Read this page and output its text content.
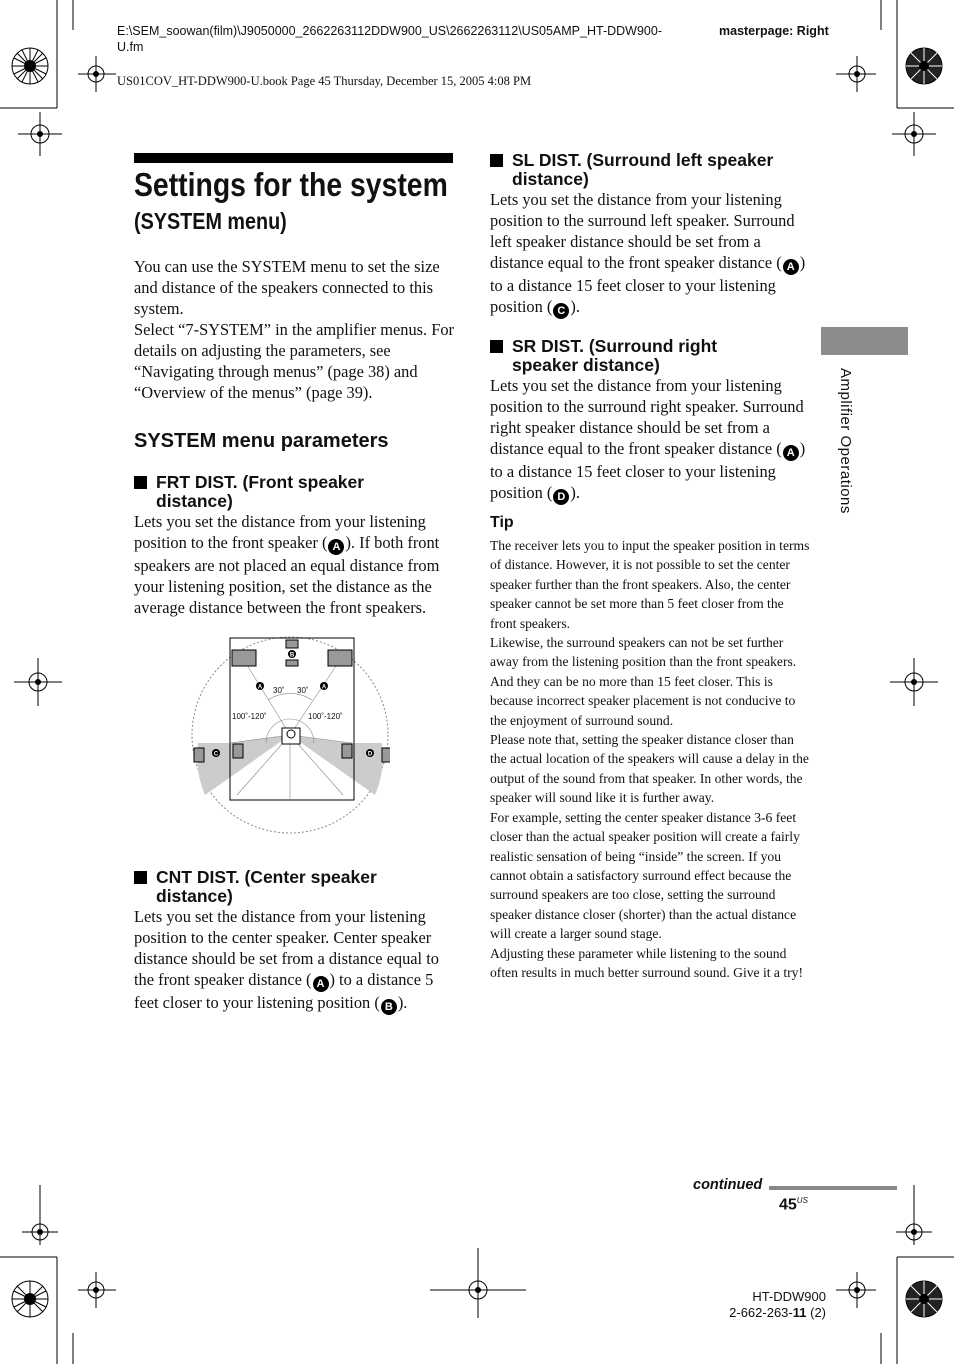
E:\SEM_soowan(film)\J9050000_2662263112DDW900_US\2662263112\US05AMP_HT-DDW900-U.fm
masterpage: Right
US01COV_HT-DDW900-U.book Page 45 Thursday, December 15, 2005 4:08 PM
Settings for the system
(SYSTEM menu)
You can use the SYSTEM menu to set the size and distance of the speakers connected to this system.
Select “7-SYSTEM” in the amplifier menus. For details on adjusting the parameters, see “Navigating through menus” (page 38) and “Overview of the menus” (page 39).
SYSTEM menu parameters
FRT DIST. (Front speaker
distance)
Lets you set the distance from your listening position to the front speaker ( A ). If both front speakers are not placed an equal distance from your listening position, set the distance as the average distance between the front speakers.
B
C	D
A	A
30˚ 30˚
100˚-120˚	100˚-120˚
CNT DIST. (Center speaker
distance)
Lets you set the distance from your listening position to the center speaker. Center speaker distance should be set from a distance equal to the front speaker distance ( A ) to a distance 5 feet closer to your listening position ( B ).
SL DIST. (Surround left speaker
distance)
Lets you set the distance from your listening position to the surround left speaker. Surround left speaker distance should be set from a distance equal to the front speaker distance ( A ) to a distance 15 feet closer to your listening position ( C ).
SR DIST. (Surround right
speaker distance)
Lets you set the distance from your listening position to the surround right speaker. Surround right speaker distance should be set from a distance equal to the front speaker distance ( A ) to a distance 15 feet closer to your listening position ( D ).
Tip
The receiver lets you to input the speaker position in terms of distance. However, it is not possible to set the center speaker further than the front speakers. Also, the center speaker cannot be set more than 5 feet closer from the front speakers.
Likewise, the surround speakers can not be set further away from the listening position than the front speakers. And they can be no more than 15 feet closer. This is because incorrect speaker placement is not conducive to the enjoyment of surround sound.
Please note that, setting the speaker distance closer than the actual location of the speakers will cause a delay in the output of the sound from that speaker. In other words, the speaker will sound like it is further away.
For example, setting the center speaker distance 3-6 feet closer than the actual speaker position will create a fairly realistic sensation of being “inside” the screen. If you cannot obtain a satisfactory surround effect because the surround speakers are too close, setting the surround speaker distance closer (shorter) than the actual distance will create a larger sound stage.
Adjusting these parameter while listening to the sound often results in much better surround sound. Give it a try!
Amplifier Operations
continued
$45^{US}$
HT-DDW900
2-662-263-11 (2)
